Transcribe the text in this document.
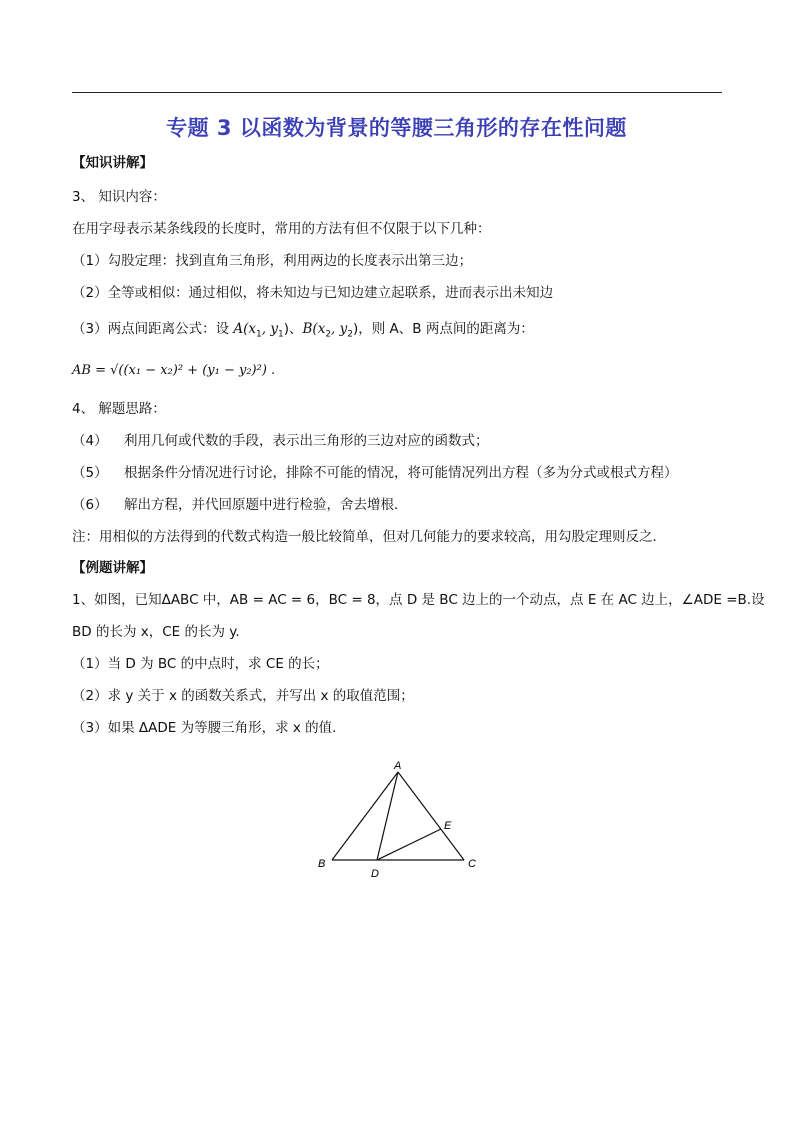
专题 3 以函数为背景的等腰三角形的存在性问题
【知识讲解】
3、 知识内容：
在用字母表示某条线段的长度时，常用的方法有但不仅限于以下几种：
（1）勾股定理：找到直角三角形，利用两边的长度表示出第三边；
（2）全等或相似：通过相似，将未知边与已知边建立起联系，进而表示出未知边
（3）两点间距离公式：设 $A(x_1$, $y_1$)、$B(x_2$, $y_2$)，则 A、B 两点间的距离为：
AB = √((x₁ − x₂)² + (y₁ − y₂)²) .
4、 解题思路：
（4） 利用几何或代数的手段，表示出三角形的三边对应的函数式；
（5） 根据条件分情况进行讨论，排除不可能的情况，将可能情况列出方程（多为分式或根式方程）
（6） 解出方程，并代回原题中进行检验，舍去增根．
注：用相似的方法得到的代数式构造一般比较简单，但对几何能力的要求较高，用勾股定理则反之．
【例题讲解】
1、如图，已知ΔABC 中，AB = AC = 6，BC = 8，点 D 是 BC 边上的一个动点，点 E 在 AC 边上，∠ADE =B.设
BD 的长为 x，CE 的长为 y.
（1）当 D 为 BC 的中点时，求 CE 的长；
（2）求 y 关于 x 的函数关系式，并写出 x 的取值范围；
（3）如果 ΔADE 为等腰三角形，求 x 的值.
A
B	C
D
E
